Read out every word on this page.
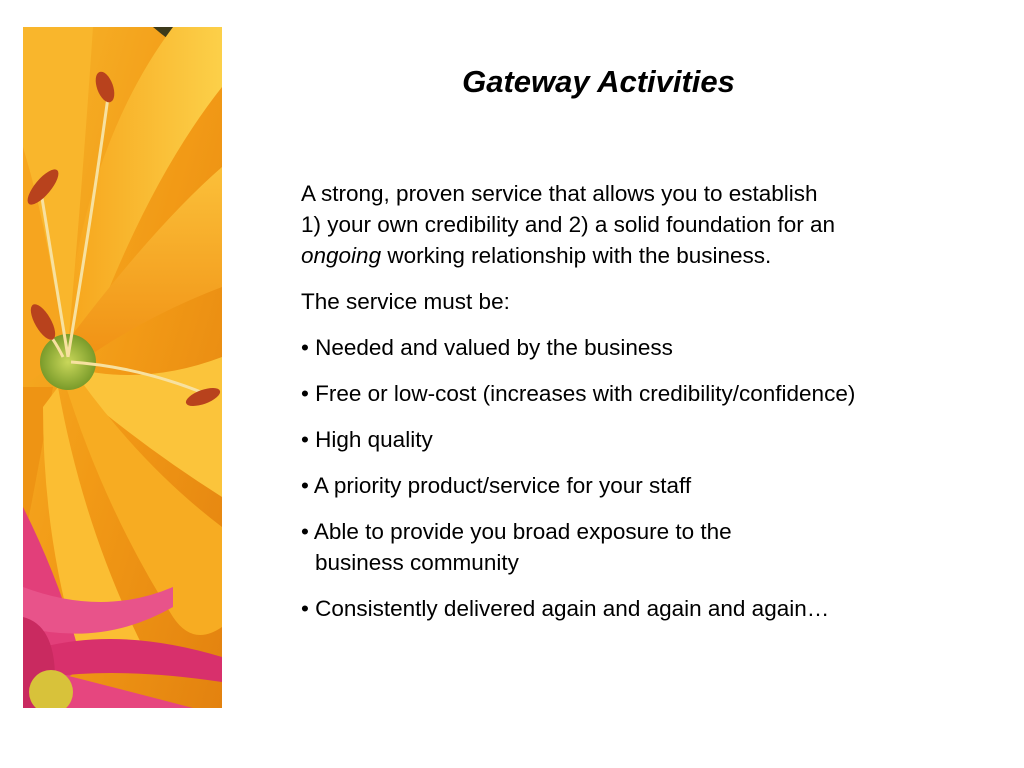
Gateway Activities
A strong, proven service that allows you to establish
1) your own credibility and 2) a solid foundation for an
ongoing working relationship with the business.
The service must be:
• Needed and valued by the business
• Free or low-cost (increases with credibility/confidence)
• High quality
• A priority product/service for your staff
• Able to provide you broad exposure to the
business community
• Consistently delivered again and again and again…
